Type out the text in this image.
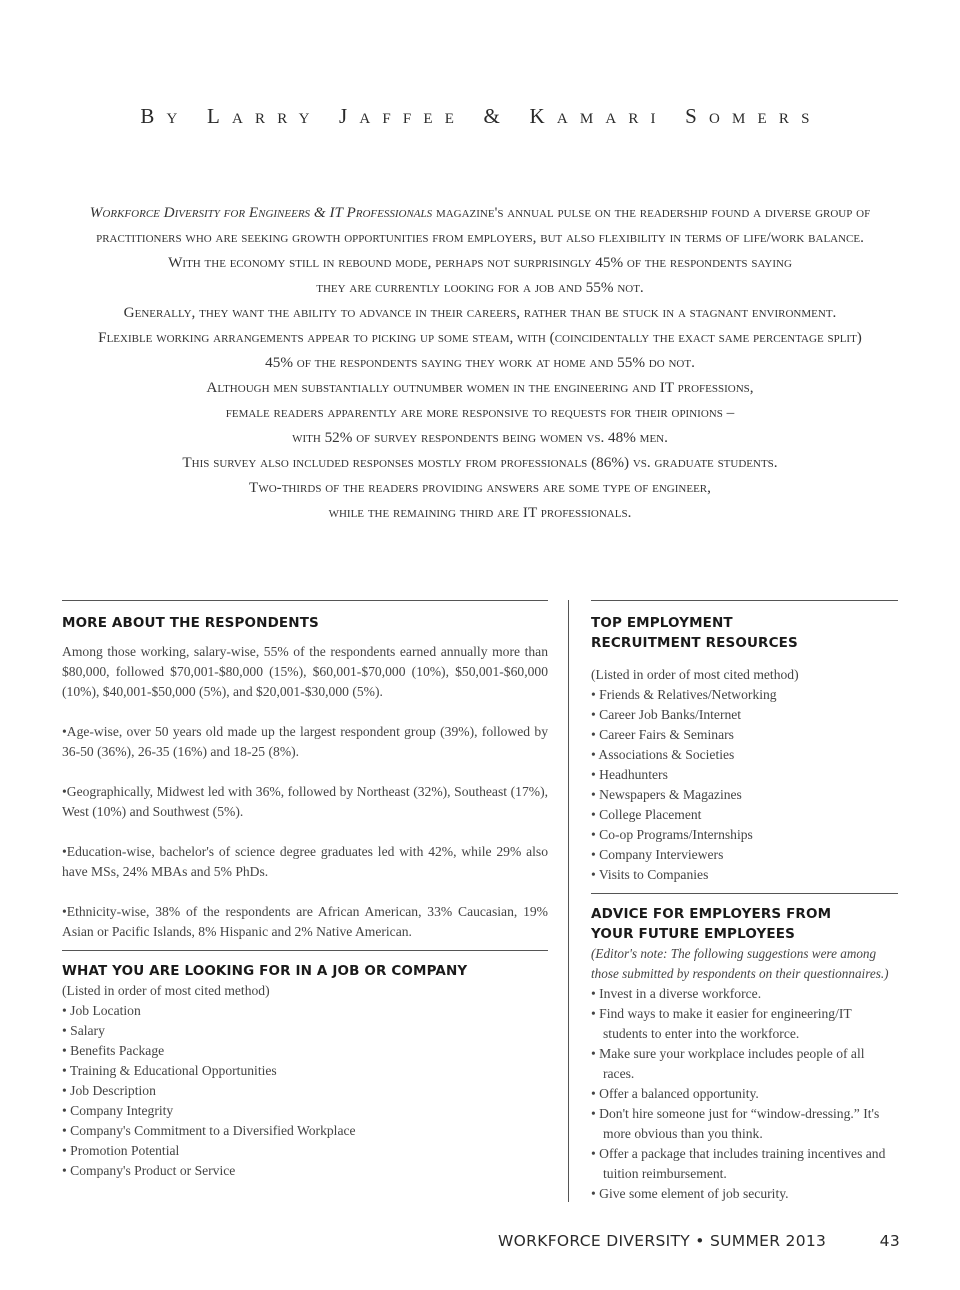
By Larry Jaffee & Kamari Somers

Workforce Diversity for Engineers & IT Professionals magazine's annual pulse on the readership found a diverse group of

practitioners who are seeking growth opportunities from employers, but also flexibility in terms of life/work balance.

With the economy still in rebound mode, perhaps not surprisingly 45% of the respondents saying

they are currently looking for a job and 55% not.

Generally, they want the ability to advance in their careers, rather than be stuck in a stagnant environment.

Flexible working arrangements appear to picking up some steam, with (coincidentally the exact same percentage split)

45% of the respondents saying they work at home and 55% do not.

Although men substantially outnumber women in the engineering and IT professions,

female readers apparently are more responsive to requests for their opinions –

with 52% of survey respondents being women vs. 48% men.

This survey also included responses mostly from professionals (86%) vs. graduate students.

Two-thirds of the readers providing answers are some type of engineer,

while the remaining third are IT professionals.

MORE ABOUT THE RESPONDENTS

Among those working, salary-wise, 55% of the respondents earned annually more than $80,000, followed $70,001-$80,000 (15%), $60,001-$70,000 (10%), $50,001-$60,000 (10%), $40,001-$50,000 (5%), and $20,001-$30,000 (5%).

•Age-wise, over 50 years old made up the largest respondent group (39%), followed by 36-50 (36%), 26-35 (16%) and 18-25 (8%).

•Geographically, Midwest led with 36%, followed by Northeast (32%), Southeast (17%), West (10%) and Southwest (5%).

•Education-wise, bachelor's of science degree graduates led with 42%, while 29% also have MSs, 24% MBAs and 5% PhDs.

•Ethnicity-wise, 38% of the respondents are African American, 33% Caucasian, 19% Asian or Pacific Islands, 8% Hispanic and 2% Native American.

WHAT YOU ARE LOOKING FOR IN A JOB OR COMPANY
(Listed in order of most cited method)
• Job Location
• Salary
• Benefits Package
• Training & Educational Opportunities
• Job Description
• Company Integrity
• Company's Commitment to a Diversified Workplace
• Promotion Potential
• Company's Product or Service
TOP EMPLOYMENT
RECRUITMENT RESOURCES
(Listed in order of most cited method)
• Friends & Relatives/Networking
• Career Job Banks/Internet
• Career Fairs & Seminars
• Associations & Societies
• Headhunters
• Newspapers & Magazines
• College Placement
• Co-op Programs/Internships
• Company Interviewers
• Visits to Companies
ADVICE FOR EMPLOYERS FROM
YOUR FUTURE EMPLOYEES
(Editor's note: The following suggestions were among those submitted by respondents on their questionnaires.)
• Invest in a diverse workforce.
• Find ways to make it easier for engineering/IT students to enter into the workforce.
• Make sure your workplace includes people of all races.
• Offer a balanced opportunity.
• Don't hire someone just for “window-dressing.” It's more obvious than you think.
• Offer a package that includes training incentives and tuition reimbursement.
• Give some element of job security.
WORKFORCE DIVERSITY • SUMMER 2013	43
